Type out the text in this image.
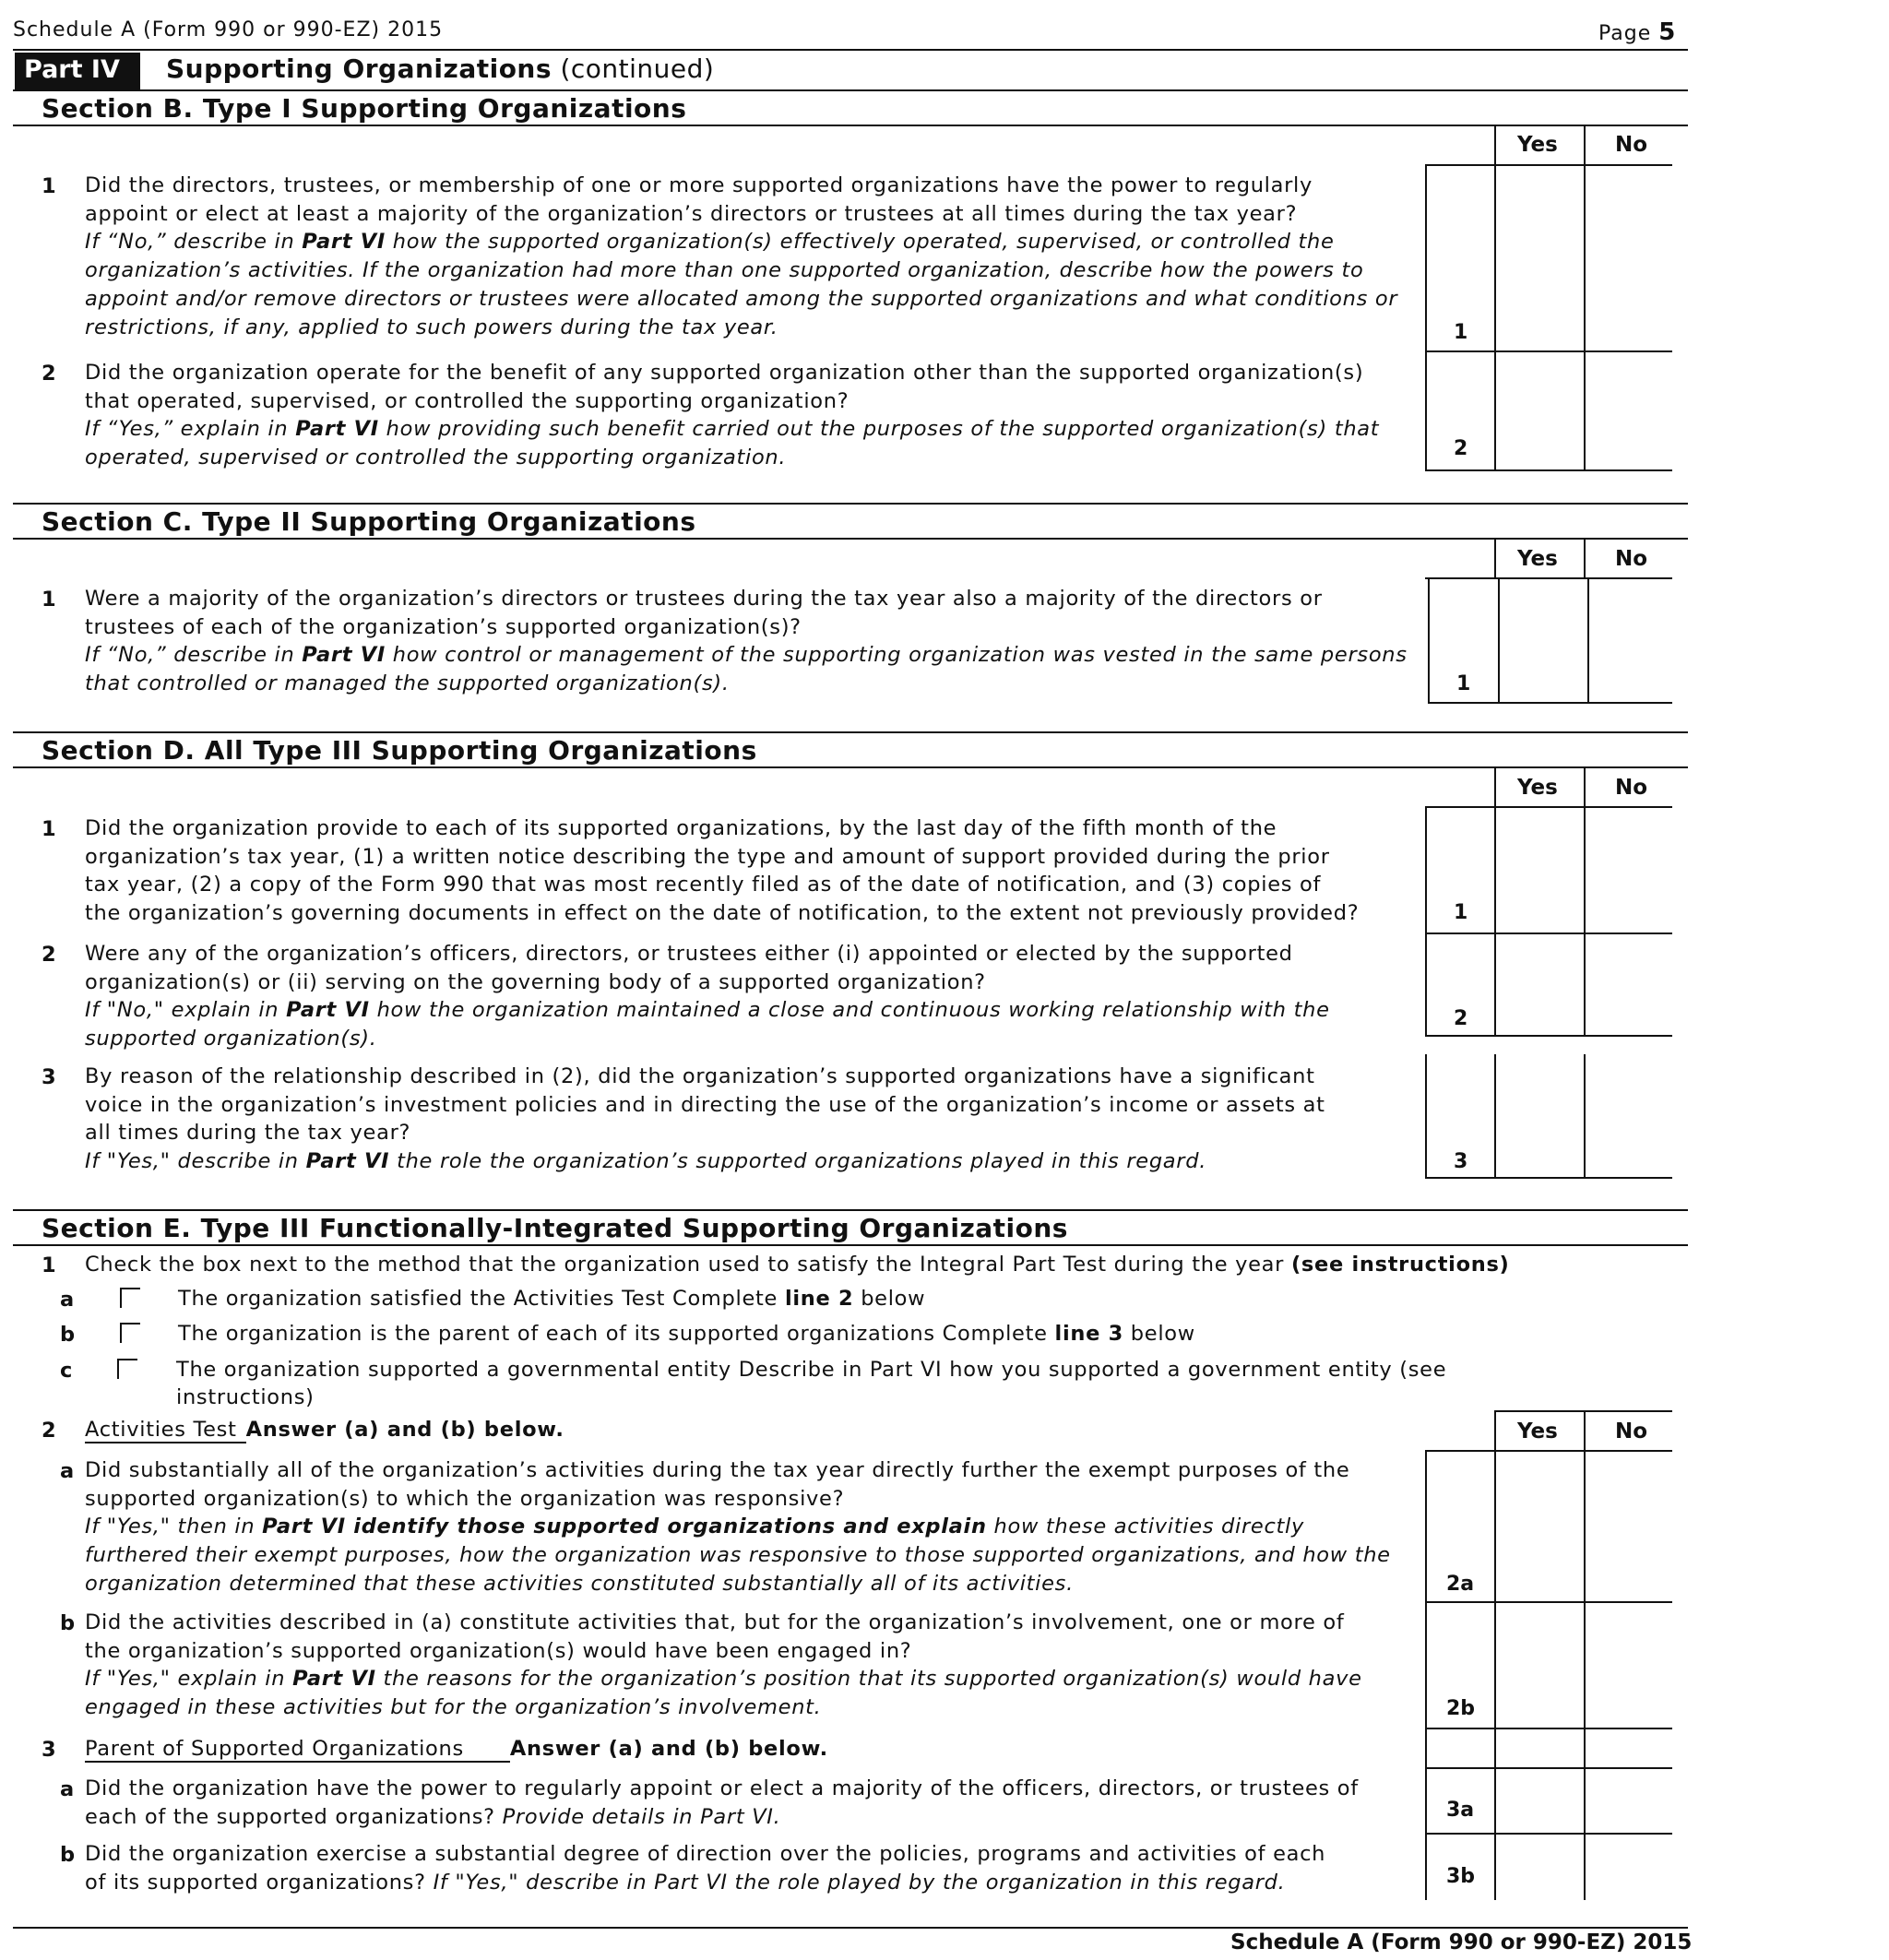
Schedule A (Form 990 or 990-EZ) 2015	Page 5
Part IV	Supporting Organizations (continued)
Section B. Type I Supporting Organizations
Yes	No
1 Did the directors, trustees, or membership of one or more supported organizations have the power to regularly
appoint or elect at least a majority of the organization’s directors or trustees at all times during the tax year?
If “No,” describe in Part VI how the supported organization(s) effectively operated, supervised, or controlled the
organization’s activities. If the organization had more than one supported organization, describe how the powers to
appoint and/or remove directors or trustees were allocated among the supported organizations and what conditions or
restrictions, if any, applied to such powers during the tax year.	1
2 Did the organization operate for the benefit of any supported organization other than the supported organization(s)
that operated, supervised, or controlled the supporting organization?
If “Yes,” explain in Part VI how providing such benefit carried out the purposes of the supported organization(s) that
operated, supervised or controlled the supporting organization.	2
Section C. Type II Supporting Organizations
Yes	No
1 Were a majority of the organization’s directors or trustees during the tax year also a majority of the directors or
trustees of each of the organization’s supported organization(s)?
If “No,” describe in Part VI how control or management of the supporting organization was vested in the same persons
that controlled or managed the supported organization(s).	1
Section D. All Type III Supporting Organizations
Yes	No
1 Did the organization provide to each of its supported organizations, by the last day of the fifth month of the
organization’s tax year, (1) a written notice describing the type and amount of support provided during the prior
tax year, (2) a copy of the Form 990 that was most recently filed as of the date of notification, and (3) copies of
the organization’s governing documents in effect on the date of notification, to the extent not previously provided?	1
2 Were any of the organization’s officers, directors, or trustees either (i) appointed or elected by the supported
organization(s) or (ii) serving on the governing body of a supported organization?
If "No," explain in Part VI how the organization maintained a close and continuous working relationship with the
supported organization(s).
2
3 By reason of the relationship described in (2), did the organization’s supported organizations have a significant
voice in the organization’s investment policies and in directing the use of the organization’s income or assets at
all times during the tax year?
If "Yes," describe in Part VI the role the organization’s supported organizations played in this regard.	3
Section E. Type III Functionally-Integrated Supporting Organizations
1 Check the box next to the method that the organization used to satisfy the Integral Part Test during the year (see instructions)
a	The organization satisfied the Activities Test Complete line 2 below
b	The organization is the parent of each of its supported organizations Complete line 3 below
c	The organization supported a governmental entity Describe in Part VI how you supported a government entity (see
instructions)
2 Activities Test Answer (a) and (b) below.	Yes	No
a Did substantially all of the organization’s activities during the tax year directly further the exempt purposes of the
supported organization(s) to which the organization was responsive?
If "Yes," then in Part VI identify those supported organizations and explain how these activities directly
furthered their exempt purposes, how the organization was responsive to those supported organizations, and how the
organization determined that these activities constituted substantially all of its activities.	2a
b Did the activities described in (a) constitute activities that, but for the organization’s involvement, one or more of
the organization’s supported organization(s) would have been engaged in?
If "Yes," explain in Part VI the reasons for the organization’s position that its supported organization(s) would have
engaged in these activities but for the organization’s involvement.	2b
3 Parent of Supported Organizations Answer (a) and (b) below.
a Did the organization have the power to regularly appoint or elect a majority of the officers, directors, or trustees of
each of the supported organizations? Provide details in Part VI.	3a
b Did the organization exercise a substantial degree of direction over the policies, programs and activities of each
of its supported organizations? If "Yes," describe in Part VI the role played by the organization in this regard.	3b
Schedule A (Form 990 or 990-EZ) 2015
